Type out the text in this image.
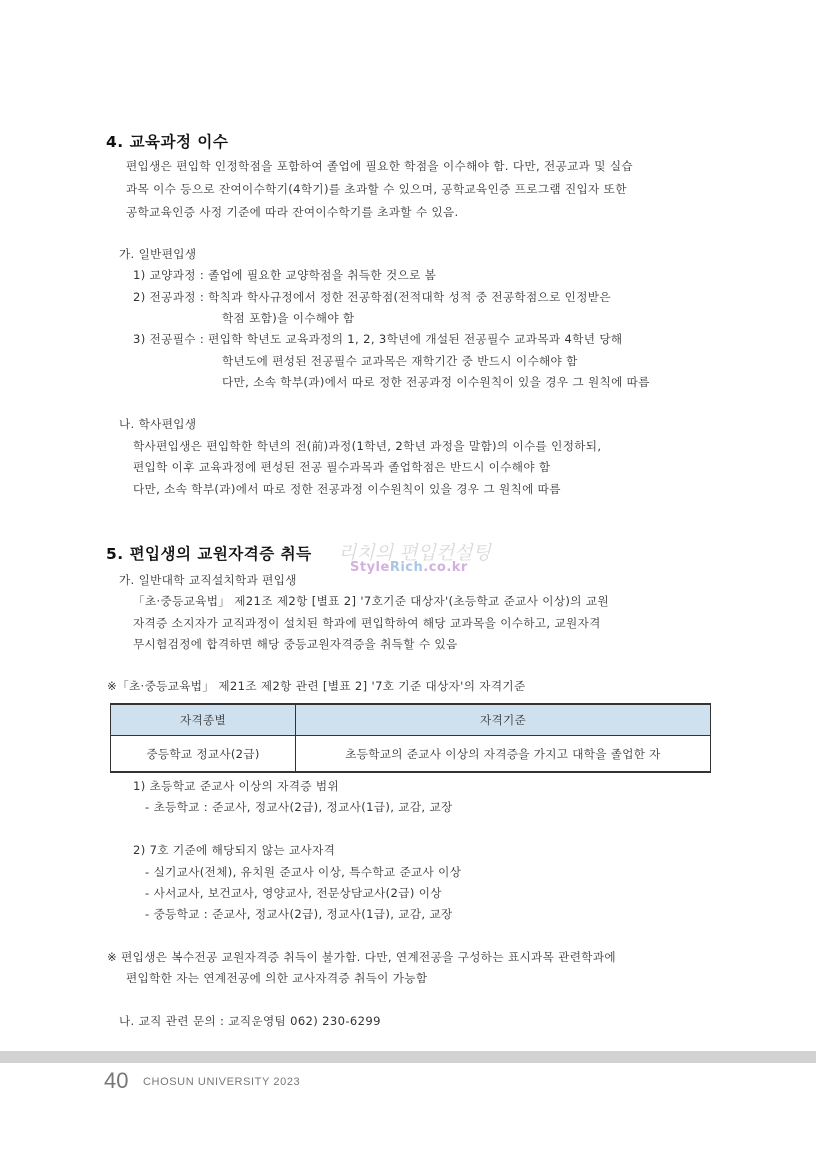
4. 교육과정 이수
편입생은 편입학 인정학점을 포함하여 졸업에 필요한 학점을 이수해야 함. 다만, 전공교과 및 실습
과목 이수 등으로 잔여이수학기(4학기)를 초과할 수 있으며, 공학교육인증 프로그램 진입자 또한
공학교육인증 사정 기준에 따라 잔여이수학기를 초과할 수 있음.
가. 일반편입생
1) 교양과정 : 졸업에 필요한 교양학점을 취득한 것으로 봄
2) 전공과정 : 학칙과 학사규정에서 정한 전공학점(전적대학 성적 중 전공학점으로 인정받은
학점 포함)을 이수해야 함
3) 전공필수 : 편입학 학년도 교육과정의 1, 2, 3학년에 개설된 전공필수 교과목과 4학년 당해
학년도에 편성된 전공필수 교과목은 재학기간 중 반드시 이수해야 함
다만, 소속 학부(과)에서 따로 정한 전공과정 이수원칙이 있을 경우 그 원칙에 따름
나. 학사편입생
학사편입생은 편입학한 학년의 전(前)과정(1학년, 2학년 과정을 말함)의 이수를 인정하되,
편입학 이후 교육과정에 편성된 전공 필수과목과 졸업학점은 반드시 이수해야 함
다만, 소속 학부(과)에서 따로 정한 전공과정 이수원칙이 있을 경우 그 원칙에 따름
5. 편입생의 교원자격증 취득 리치의 편입컨설팅
StyleRich.co.kr
가. 일반대학 교직설치학과 편입생
「초·중등교육법」 제21조 제2항 [별표 2] '7호기준 대상자'(초등학교 준교사 이상)의 교원
자격증 소지자가 교직과정이 설치된 학과에 편입학하여 해당 교과목을 이수하고, 교원자격
무시험검정에 합격하면 해당 중등교원자격증을 취득할 수 있음
※「초·중등교육법」 제21조 제2항 관련 [별표 2] '7호 기준 대상자'의 자격기준
자격종별	자격기준
중등학교 정교사(2급)	초등학교의 준교사 이상의 자격증을 가지고 대학을 졸업한 자
1) 초등학교 준교사 이상의 자격증 범위
- 초등학교 : 준교사, 정교사(2급), 정교사(1급), 교감, 교장
2) 7호 기준에 해당되지 않는 교사자격
- 실기교사(전체), 유치원 준교사 이상, 특수학교 준교사 이상
- 사서교사, 보건교사, 영양교사, 전문상담교사(2급) 이상
- 중등학교 : 준교사, 정교사(2급), 정교사(1급), 교감, 교장
※ 편입생은 복수전공 교원자격증 취득이 불가함. 다만, 연계전공을 구성하는 표시과목 관련학과에
편입학한 자는 연계전공에 의한 교사자격증 취득이 가능함
나. 교직 관련 문의 : 교직운영팀 062) 230-6299
40 CHOSUN UNIVERSITY 2023
